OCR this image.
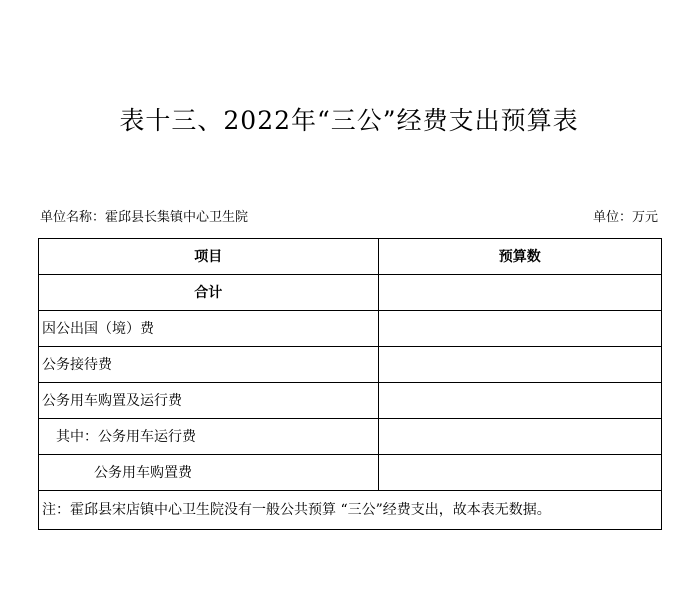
表十三、2022年“三公”经费支出预算表
单位名称：霍邱县长集镇中心卫生院	单位：万元
项目	预算数
合计	
因公出国（境）费	
公务接待费	
公务用车购置及运行费	
其中：公务用车运行费	
公务用车购置费	
注：霍邱县宋店镇中心卫生院没有一般公共预算 “三公”经费支出，故本表无数据。	
